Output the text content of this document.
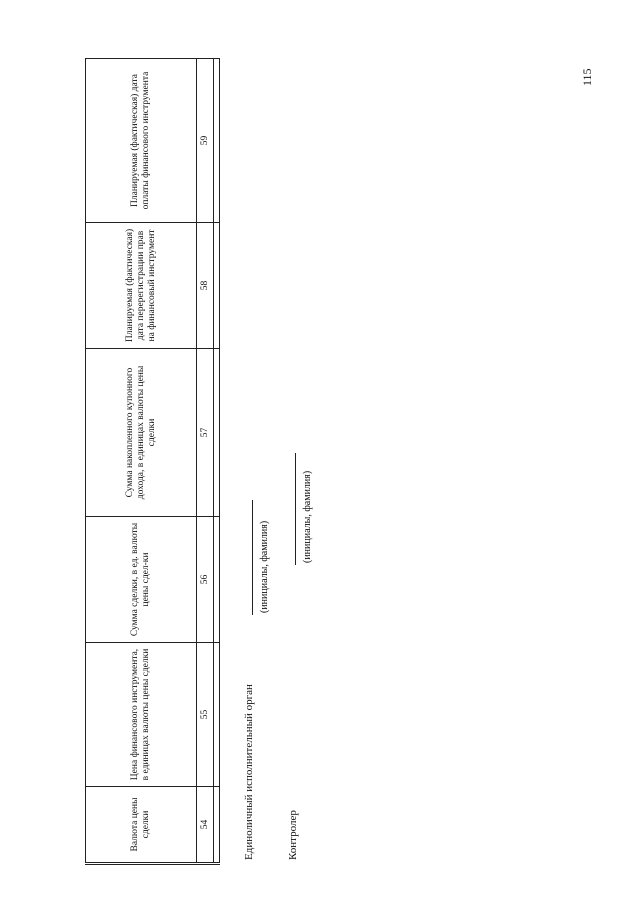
115
Валюта цены сделки	Цена финансового инструмента, в единицах валюты цены сделки	Сумма сделки, в ед. валюты цены сдел-ки	Сумма накопленного купонного дохода, в единицах валюты цены сделки	Планируемая (фактическая) дата перерегистрации прав на финансовый инструмент	Планируемая (фактическая) дата оплаты финансового инструмента
54	55	56	57	58	59

Единоличный исполнительный орган
(инициалы, фамилия)
Контролер
(инициалы, фамилия)
